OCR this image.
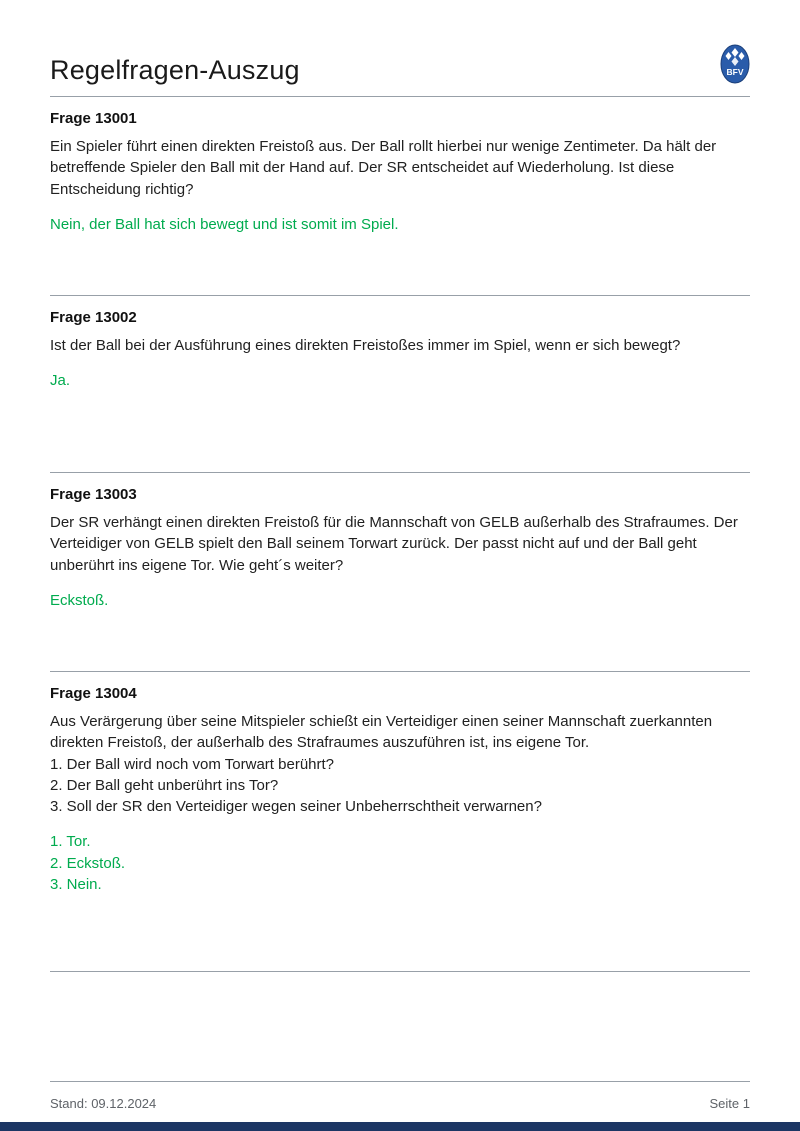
Regelfragen-Auszug	BFV
Frage 13001

Ein Spieler führt einen direkten Freistoß aus. Der Ball rollt hierbei nur wenige Zentimeter. Da hält der betreffende Spieler den Ball mit der Hand auf. Der SR entscheidet auf Wiederholung. Ist diese Entscheidung richtig?

Nein, der Ball hat sich bewegt und ist somit im Spiel.

Frage 13002

Ist der Ball bei der Ausführung eines direkten Freistoßes immer im Spiel, wenn er sich bewegt?

Ja.

Frage 13003

Der SR verhängt einen direkten Freistoß für die Mannschaft von GELB außerhalb des Strafraumes. Der Verteidiger von GELB spielt den Ball seinem Torwart zurück. Der passt nicht auf und der Ball geht unberührt ins eigene Tor. Wie geht´s weiter?

Eckstoß.

Frage 13004

Aus Verärgerung über seine Mitspieler schießt ein Verteidiger einen seiner Mannschaft zuerkannten direkten Freistoß, der außerhalb des Strafraumes auszuführen ist, ins eigene Tor.

1. Der Ball wird noch vom Torwart berührt?

2. Der Ball geht unberührt ins Tor?

3. Soll der SR den Verteidiger wegen seiner Unbeherrschtheit verwarnen?

1. Tor.

2. Eckstoß.

3. Nein.

Stand: 09.12.2024	Seite 1
